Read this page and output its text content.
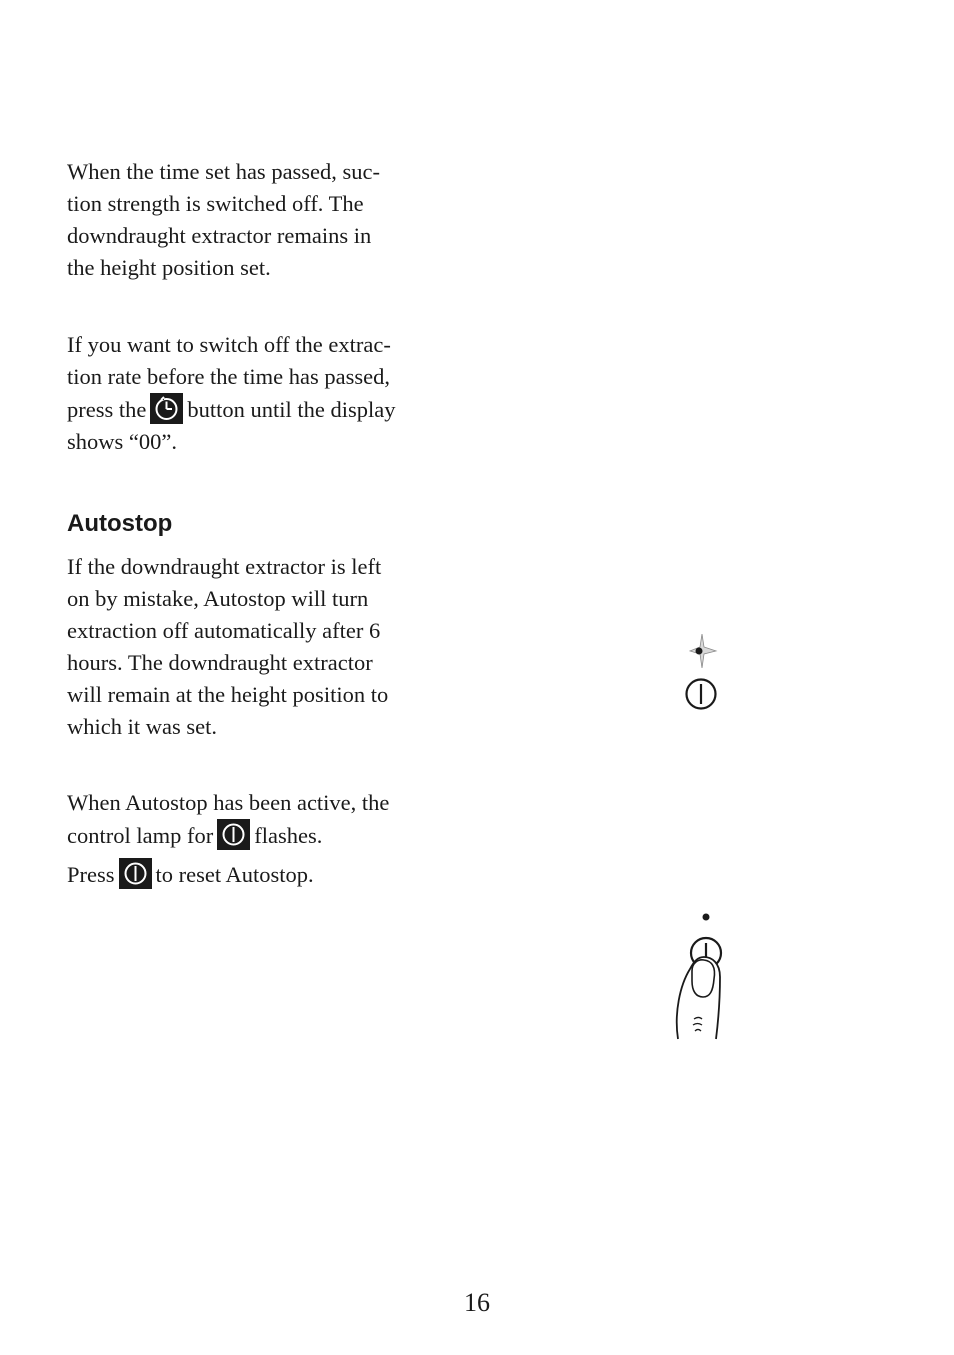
When the time set has passed, suc-
tion strength is switched off. The
downdraught extractor remains in
the height position set.

If you want to switch off the extrac-
tion rate before the time has passed,
press the button until the display
shows “00”.

Autostop

If the downdraught extractor is left
on by mistake, Autostop will turn
extraction off automatically after 6
hours. The downdraught extractor
will remain at the height position to
which it was set.

When Autostop has been active, the
control lamp for flashes.
Press to reset Autostop.

16
